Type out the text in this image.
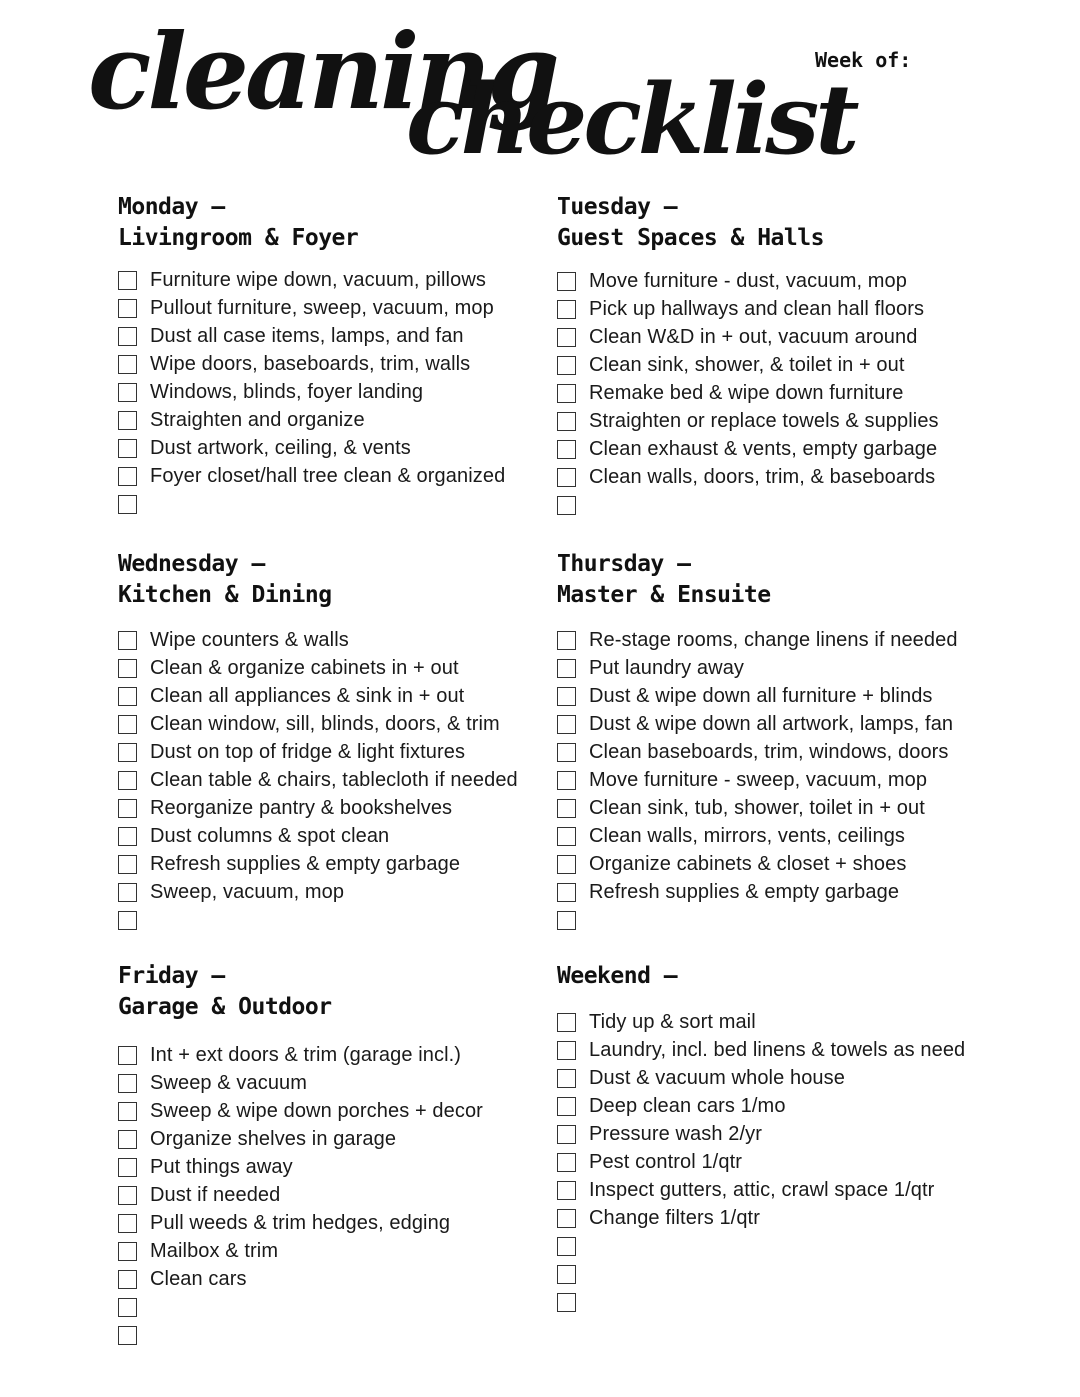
cleaning
checklist
Week of:
Monday –
Livingroom & Foyer
Furniture wipe down, vacuum, pillows
Pullout furniture, sweep, vacuum, mop
Dust all case items, lamps, and fan
Wipe doors, baseboards, trim, walls
Windows, blinds, foyer landing
Straighten and organize
Dust artwork, ceiling, & vents
Foyer closet/hall tree clean & organized
Tuesday –
Guest Spaces & Halls
Move furniture - dust, vacuum, mop
Pick up hallways and clean hall floors
Clean W&D in + out, vacuum around
Clean sink, shower, & toilet in + out
Remake bed & wipe down furniture
Straighten or replace towels & supplies
Clean exhaust & vents, empty garbage
Clean walls, doors, trim, & baseboards
Wednesday –
Kitchen & Dining
Wipe counters & walls
Clean & organize cabinets in + out
Clean all appliances & sink in + out
Clean window, sill, blinds, doors, & trim
Dust on top of fridge & light fixtures
Clean table & chairs, tablecloth if needed
Reorganize pantry & bookshelves
Dust columns & spot clean
Refresh supplies & empty garbage
Sweep, vacuum, mop
Thursday –
Master & Ensuite
Re-stage rooms, change linens if needed
Put laundry away
Dust & wipe down all furniture + blinds
Dust & wipe down all artwork, lamps, fan
Clean baseboards, trim, windows, doors
Move furniture - sweep, vacuum, mop
Clean sink, tub, shower, toilet in + out
Clean walls, mirrors, vents, ceilings
Organize cabinets & closet + shoes
Refresh supplies & empty garbage
Friday –
Garage & Outdoor
Int + ext doors & trim (garage incl.)
Sweep & vacuum
Sweep & wipe down porches + decor
Organize shelves in garage
Put things away
Dust if needed
Pull weeds & trim hedges, edging
Mailbox & trim
Clean cars
Weekend –
Tidy up & sort mail
Laundry, incl. bed linens & towels as need
Dust & vacuum whole house
Deep clean cars 1/mo
Pressure wash 2/yr
Pest control 1/qtr
Inspect gutters, attic, crawl space 1/qtr
Change filters 1/qtr
